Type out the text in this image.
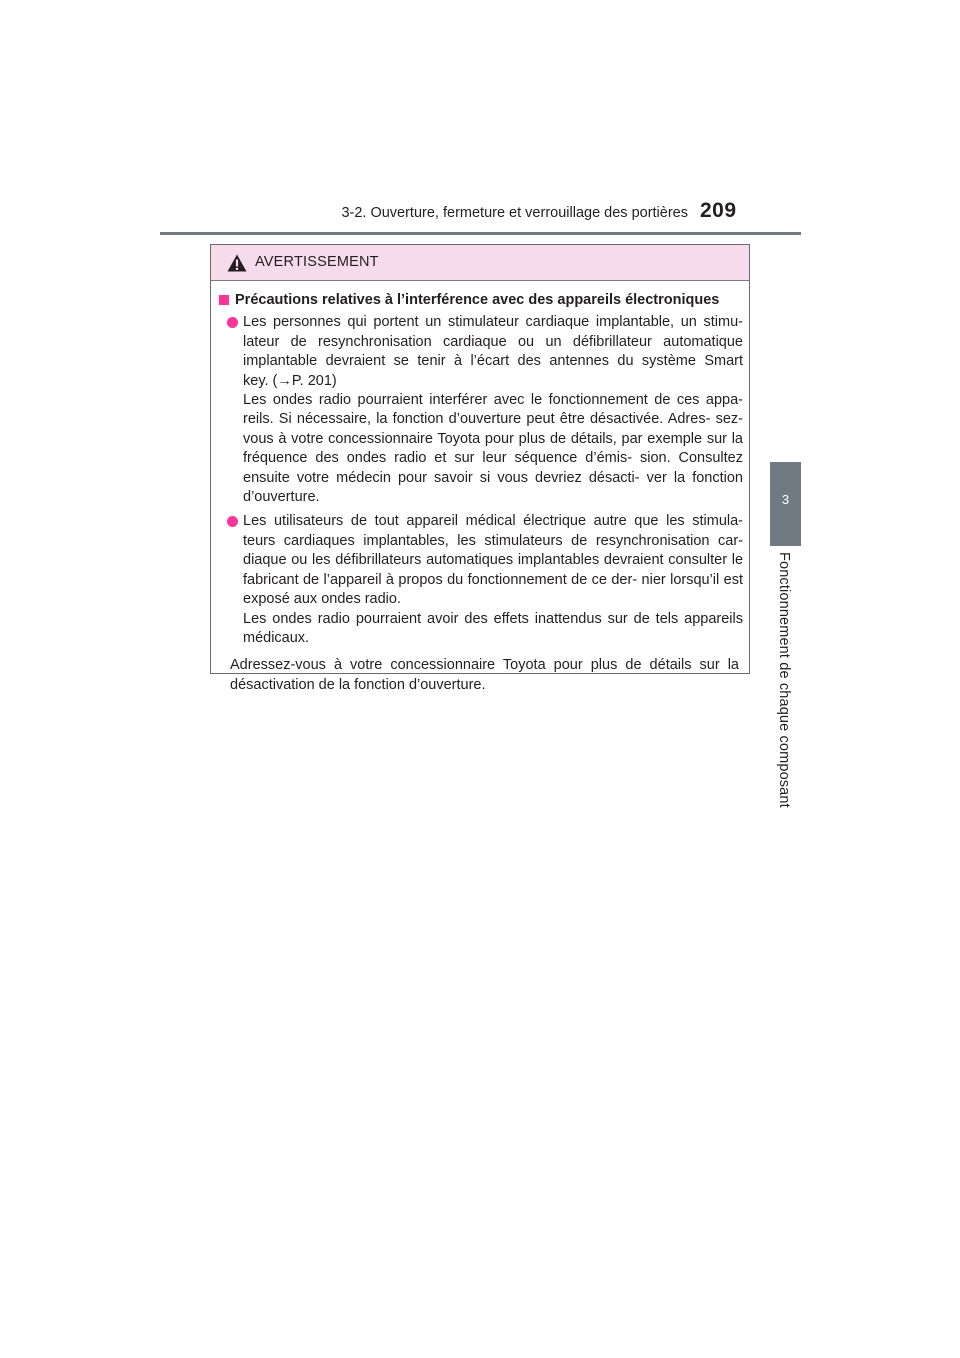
3-2. Ouverture, fermeture et verrouillage des portières 209
3
Fonctionnement de chaque composant
AVERTISSEMENT
Précautions relatives à l’interférence avec des appareils électroniques
Les personnes qui portent un stimulateur cardiaque implantable, un stimu- lateur de resynchronisation cardiaque ou un défibrillateur automatique implantable devraient se tenir à l’écart des antennes du système Smart
key. (→P. 201)
Les ondes radio pourraient interférer avec le fonctionnement de ces appa- reils. Si nécessaire, la fonction d’ouverture peut être désactivée. Adres- sez-vous à votre concessionnaire Toyota pour plus de détails, par exemple sur la fréquence des ondes radio et sur leur séquence d’émis- sion. Consultez ensuite votre médecin pour savoir si vous devriez désacti- ver la fonction d’ouverture.
Les utilisateurs de tout appareil médical électrique autre que les stimula- teurs cardiaques implantables, les stimulateurs de resynchronisation car- diaque ou les défibrillateurs automatiques implantables devraient consulter le fabricant de l’appareil à propos du fonctionnement de ce der- nier lorsqu’il est exposé aux ondes radio.
Les ondes radio pourraient avoir des effets inattendus sur de tels appareils médicaux.
Adressez-vous à votre concessionnaire Toyota pour plus de détails sur la désactivation de la fonction d’ouverture.
